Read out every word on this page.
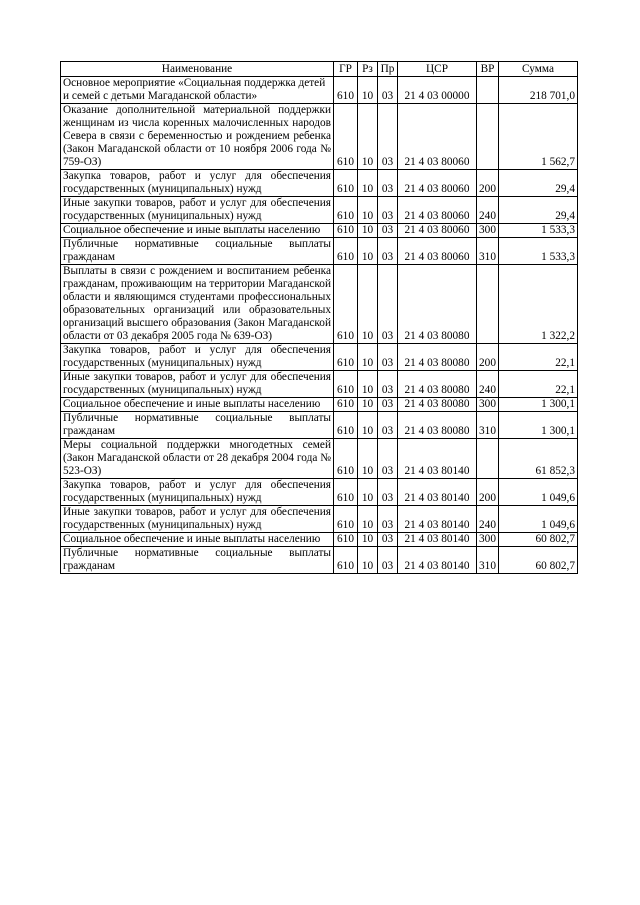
Наименование	ГР	Рз	Пр	ЦСР	ВР	Сумма
Основное мероприятие «Социальная поддержка детей и семей с детьми Магаданской области»	610	10	03	21 4 03 00000		218 701,0
Оказание дополнительной материальной поддержки женщинам из числа коренных малочисленных народов Севера в связи с беременностью и рождением ребенка (Закон Магаданской области от 10 ноября 2006 года № 759-ОЗ)	610	10	03	21 4 03 80060		1 562,7
Закупка товаров, работ и услуг для обеспечения государственных (муниципальных) нужд	610	10	03	21 4 03 80060	200	29,4
Иные закупки товаров, работ и услуг для обеспечения государственных (муниципальных) нужд	610	10	03	21 4 03 80060	240	29,4
Социальное обеспечение и иные выплаты населению	610	10	03	21 4 03 80060	300	1 533,3
Публичные нормативные социальные выплаты гражданам	610	10	03	21 4 03 80060	310	1 533,3
Выплаты в связи с рождением и воспитанием ребенка гражданам, проживающим на территории Магаданской области и являющимся студентами профессиональных образовательных организаций или образовательных организаций высшего образования (Закон Магаданской области от 03 декабря 2005 года № 639-ОЗ)	610	10	03	21 4 03 80080		1 322,2
Закупка товаров, работ и услуг для обеспечения государственных (муниципальных) нужд	610	10	03	21 4 03 80080	200	22,1
Иные закупки товаров, работ и услуг для обеспечения государственных (муниципальных) нужд	610	10	03	21 4 03 80080	240	22,1
Социальное обеспечение и иные выплаты населению	610	10	03	21 4 03 80080	300	1 300,1
Публичные нормативные социальные выплаты гражданам	610	10	03	21 4 03 80080	310	1 300,1
Меры социальной поддержки многодетных семей (Закон Магаданской области от 28 декабря 2004 года № 523-ОЗ)	610	10	03	21 4 03 80140		61 852,3
Закупка товаров, работ и услуг для обеспечения государственных (муниципальных) нужд	610	10	03	21 4 03 80140	200	1 049,6
Иные закупки товаров, работ и услуг для обеспечения государственных (муниципальных) нужд	610	10	03	21 4 03 80140	240	1 049,6
Социальное обеспечение и иные выплаты населению	610	10	03	21 4 03 80140	300	60 802,7
Публичные нормативные социальные выплаты гражданам	610	10	03	21 4 03 80140	310	60 802,7
